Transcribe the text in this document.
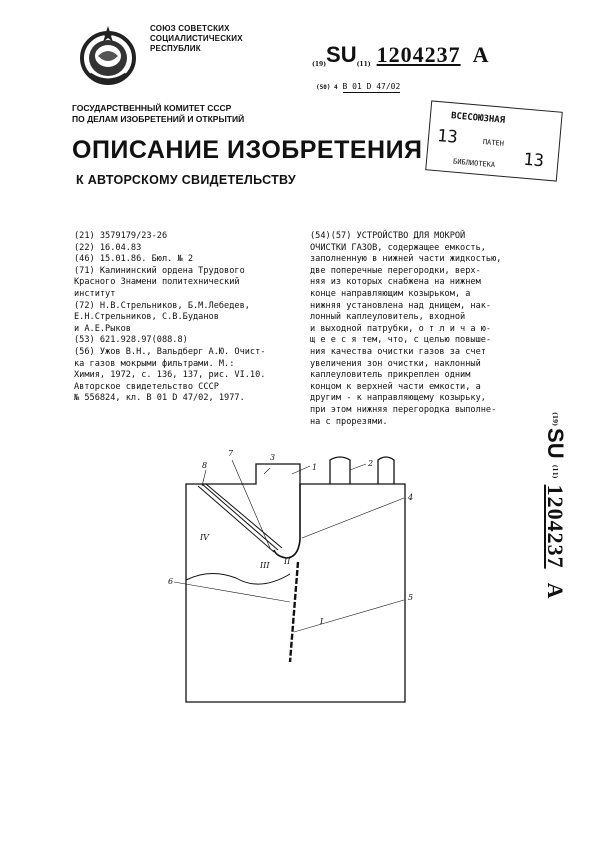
СОЮЗ СОВЕТСКИХ
СОЦИАЛИСТИЧЕСКИХ
РЕСПУБЛИК
(19)SU(11) 1204237 A
(50) 4 B 01 D 47/02
ВСЕСОЮЗНАЯ
13	ПАТЕН
13
БИБЛИОТЕКА
ГОСУДАРСТВЕННЫЙ КОМИТЕТ СССР
ПО ДЕЛАМ ИЗОБРЕТЕНИЙ И ОТКРЫТИЙ
ОПИСАНИЕ ИЗОБРЕТЕНИЯ
К АВТОРСКОМУ СВИДЕТЕЛЬСТВУ
(21) 3579179/23-26
(22) 16.04.83
(46) 15.01.86. Бюл. № 2
(71) Калининский ордена Трудового
Красного Знамени политехнический
институт
(72) Н.В.Стрельников, Б.М.Лебедев,
Е.Н.Стрельников, С.В.Буданов
и А.Е.Рыков
(53) 621.928.97(088.8)
(56) Ужов В.Н., Вальдберг А.Ю. Очист-
ка газов мокрыми фильтрами. М.:
Химия, 1972, с. 136, 137, рис. VI.10.
Авторское свидетельство СССР
№ 556824, кл. В 01 D 47/02, 1977.
(54)(57) УСТРОЙСТВО ДЛЯ МОКРОЙ
ОЧИСТКИ ГАЗОВ, содержащее емкость,
заполненную в нижней части жидкостью,
две поперечные перегородки, верх-
няя из которых снабжена на нижнем
конце направляющим козырьком, а
нижняя установлена над днищем, нак-
лонный каплеуловитель, входной
и выходной патрубки, о т л и ч а ю-
щ е е с я тем, что, с целью повыше-
ния качества очистки газов за счет
увеличения зон очистки, наклонный
каплеуловитель прикреплен одним
концом к верхней части емкости, а
другим - к направляющему козырьку,
при этом нижняя перегородка выполне-
на с прорезями.	(19)
SU
(11)
1204237
A
1	2
3
4
5
6
7
8
I
II
III
IV
